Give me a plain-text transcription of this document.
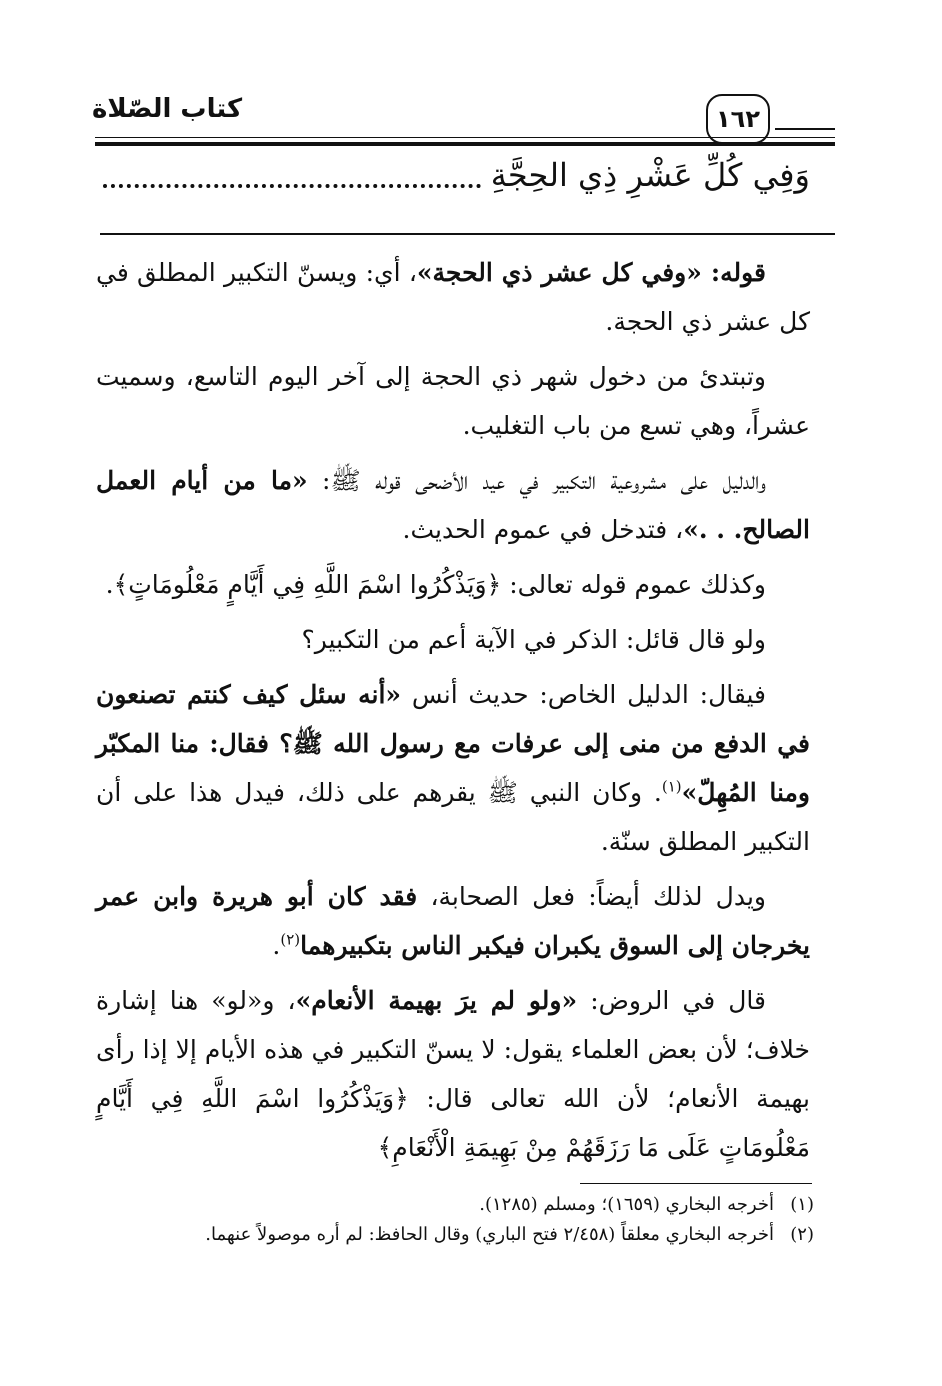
كتاب الصّلاة	١٦٢
وَفِي كُلِّ عَشْرِ ذِي الحِجَّةِ

قوله: «وفي كل عشر ذي الحجة»، أي: ويسنّ التكبير المطلق في كل عشر ذي الحجة.

وتبتدئ من دخول شهر ذي الحجة إلى آخر اليوم التاسع، وسميت عشراً، وهي تسع من باب التغليب.

والدليل على مشروعية التكبير في عيد الأضحى قوله ﷺ: «ما من أيام العمل الصالح. . .»، فتدخل في عموم الحديث.

وكذلك عموم قوله تعالى: ﴿وَيَذْكُرُوا اسْمَ اللَّهِ فِي أَيَّامٍ مَعْلُومَاتٍ﴾.

ولو قال قائل: الذكر في الآية أعم من التكبير؟

فيقال: الدليل الخاص: حديث أنس «أنه سئل كيف كنتم تصنعون في الدفع من منى إلى عرفات مع رسول الله ﷺ؟ فقال: منا المكبّر ومنا المُهِلّ»$^{(١)}$. وكان النبي ﷺ يقرهم على ذلك، فيدل هذا على أن التكبير المطلق سنّة.

ويدل لذلك أيضاً: فعل الصحابة، فقد كان أبو هريرة وابن عمر يخرجان إلى السوق يكبران فيكبر الناس بتكبيرهما$^{(٢)}$.

قال في الروض: «ولو لم يرَ بهيمة الأنعام»، و«لو» هنا إشارة خلاف؛ لأن بعض العلماء يقول: لا يسنّ التكبير في هذه الأيام إلا إذا رأى بهيمة الأنعام؛ لأن الله تعالى قال: ﴿وَيَذْكُرُوا اسْمَ اللَّهِ فِي أَيَّامٍ مَعْلُومَاتٍ عَلَى مَا رَزَقَهُمْ مِنْ بَهِيمَةِ الْأَنْعَامِ﴾

(١)
أخرجه البخاري (١٦٥٩)؛ ومسلم (١٢٨٥).
(٢)
أخرجه البخاري معلقاً (٢/٤٥٨ فتح الباري) وقال الحافظ: لم أره موصولاً عنهما.
